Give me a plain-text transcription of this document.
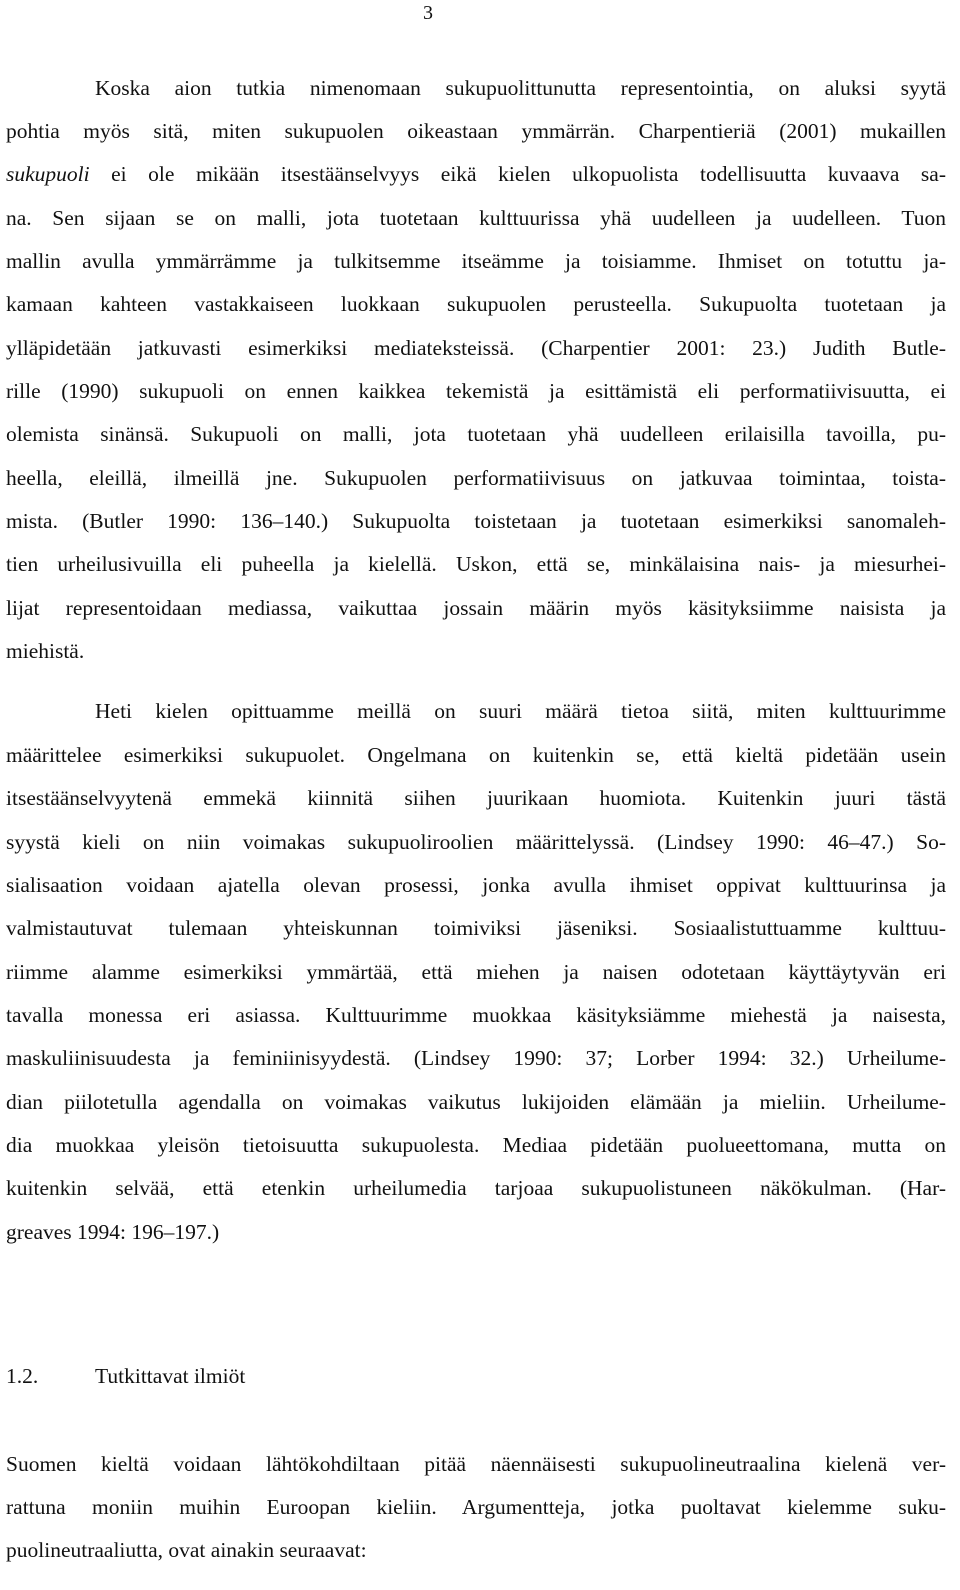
3
Koska aion tutkia nimenomaan sukupuolittunutta representointia, on aluksi syytä
pohtia myös sitä, miten sukupuolen oikeastaan ymmärrän. Charpentieriä (2001) mukaillen
sukupuoli ei ole mikään itsestäänselvyys eikä kielen ulkopuolista todellisuutta kuvaava sa-
na. Sen sijaan se on malli, jota tuotetaan kulttuurissa yhä uudelleen ja uudelleen. Tuon
mallin avulla ymmärrämme ja tulkitsemme itseämme ja toisiamme. Ihmiset on totuttu ja-
kamaan kahteen vastakkaiseen luokkaan sukupuolen perusteella. Sukupuolta tuotetaan ja
ylläpidetään jatkuvasti esimerkiksi mediateksteissä. (Charpentier 2001: 23.) Judith Butle-
rille (1990) sukupuoli on ennen kaikkea tekemistä ja esittämistä eli performatiivisuutta, ei
olemista sinänsä. Sukupuoli on malli, jota tuotetaan yhä uudelleen erilaisilla tavoilla, pu-
heella, eleillä, ilmeillä jne. Sukupuolen performatiivisuus on jatkuvaa toimintaa, toista-
mista. (Butler 1990: 136–140.) Sukupuolta toistetaan ja tuotetaan esimerkiksi sanomaleh-
tien urheilusivuilla eli puheella ja kielellä. Uskon, että se, minkälaisina nais- ja miesurhei-
lijat representoidaan mediassa, vaikuttaa jossain määrin myös käsityksiimme naisista ja
miehistä.
Heti kielen opittuamme meillä on suuri määrä tietoa siitä, miten kulttuurimme
määrittelee esimerkiksi sukupuolet. Ongelmana on kuitenkin se, että kieltä pidetään usein
itsestäänselvyytenä emmekä kiinnitä siihen juurikaan huomiota. Kuitenkin juuri tästä
syystä kieli on niin voimakas sukupuoliroolien määrittelyssä. (Lindsey 1990: 46–47.) So-
sialisaation voidaan ajatella olevan prosessi, jonka avulla ihmiset oppivat kulttuurinsa ja
valmistautuvat tulemaan yhteiskunnan toimiviksi jäseniksi. Sosiaalistuttuamme kulttuu-
riimme alamme esimerkiksi ymmärtää, että miehen ja naisen odotetaan käyttäytyvän eri
tavalla monessa eri asiassa. Kulttuurimme muokkaa käsityksiämme miehestä ja naisesta,
maskuliinisuudesta ja feminiinisyydestä. (Lindsey 1990: 37; Lorber 1994: 32.) Urheilume-
dian piilotetulla agendalla on voimakas vaikutus lukijoiden elämään ja mieliin. Urheilume-
dia muokkaa yleisön tietoisuutta sukupuolesta. Mediaa pidetään puolueettomana, mutta on
kuitenkin selvää, että etenkin urheilumedia tarjoaa sukupuolistuneen näkökulman. (Har-
greaves 1994: 196–197.)
1.2.	Tutkittavat ilmiöt
Suomen kieltä voidaan lähtökohdiltaan pitää näennäisesti sukupuolineutraalina kielenä ver-
rattuna moniin muihin Euroopan kieliin. Argumentteja, jotka puoltavat kielemme suku-
puolineutraaliutta, ovat ainakin seuraavat:
